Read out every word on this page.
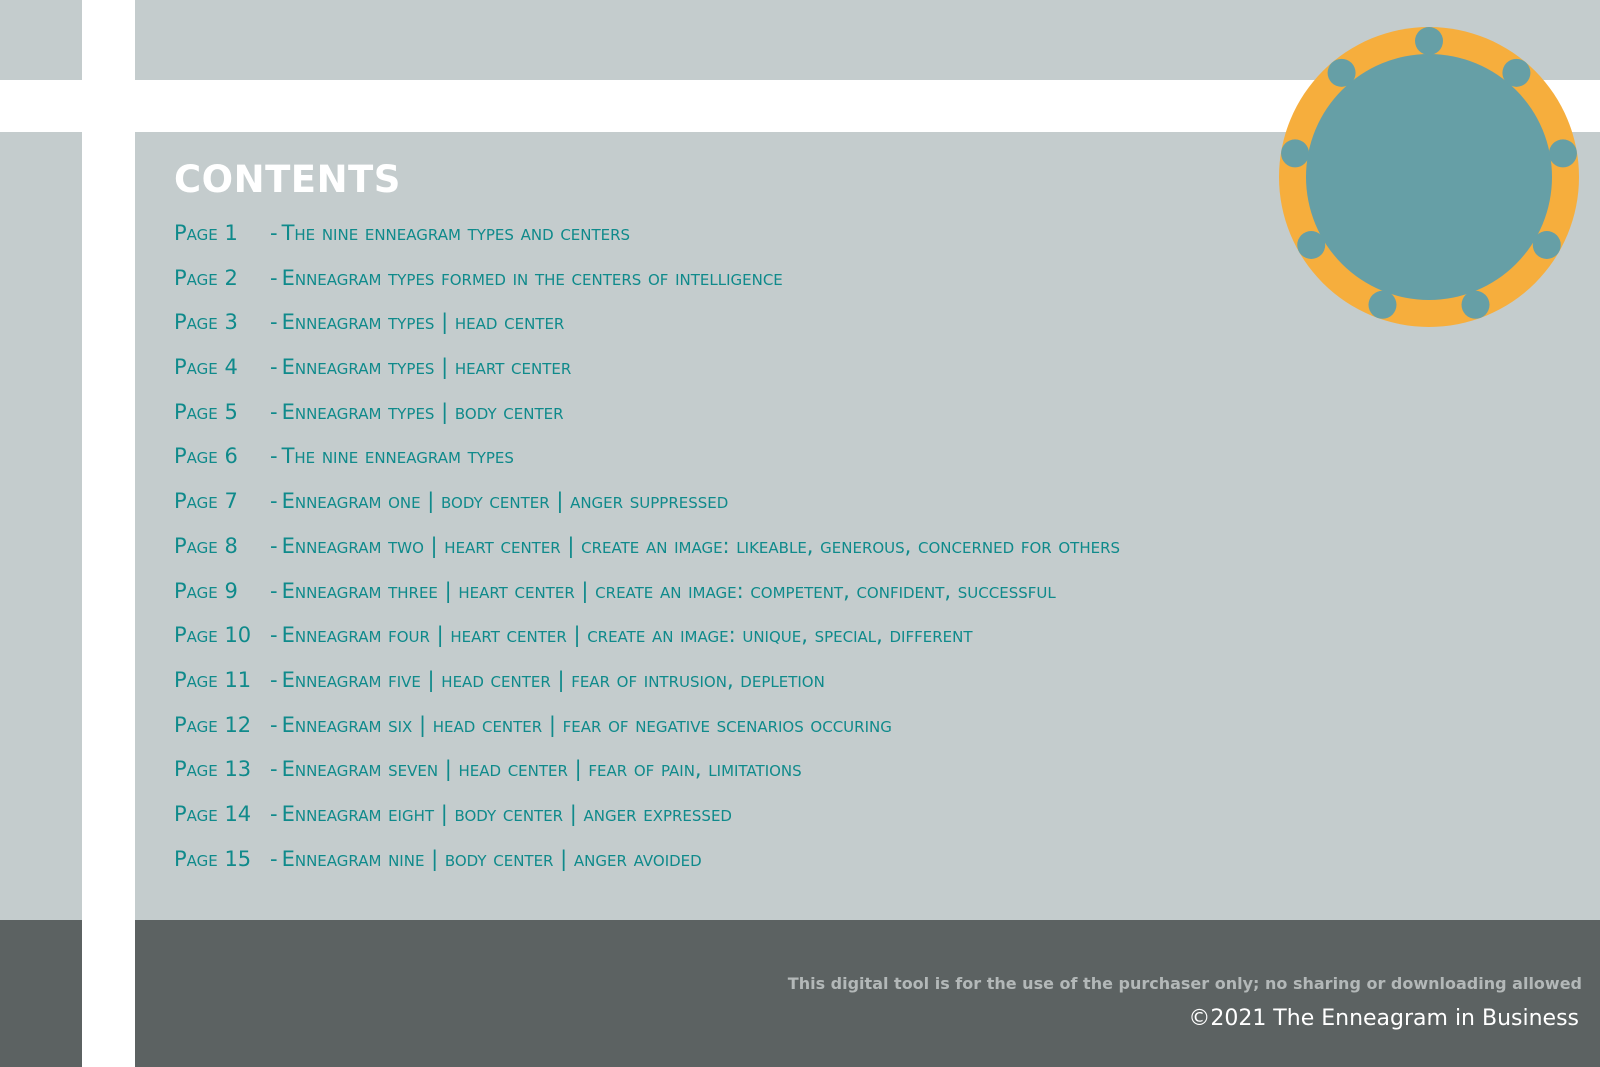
CONTENTS
Page 1	- The nine enneagram types and centers
Page 2	- Enneagram types formed in the centers of intelligence
Page 3	- Enneagram types | head center
Page 4	- Enneagram types | heart center
Page 5	- Enneagram types | body center
Page 6	- The nine enneagram types
Page 7	- Enneagram one | body center | anger suppressed
Page 8	- Enneagram two | heart center | create an image: likeable, generous, concerned for others
Page 9	- Enneagram three | heart center | create an image: competent, confident, successful
Page 10 - Enneagram four | heart center | create an image: unique, special, different
Page 11 - Enneagram five | head center | fear of intrusion, depletion
Page 12 - Enneagram six | head center | fear of negative scenarios occuring
Page 13 - Enneagram seven | head center | fear of pain, limitations
Page 14 - Enneagram eight | body center | anger expressed
Page 15 - Enneagram nine | body center | anger avoided
This digital tool is for the use of the purchaser only; no sharing or downloading allowed
©2021 The Enneagram in Business
